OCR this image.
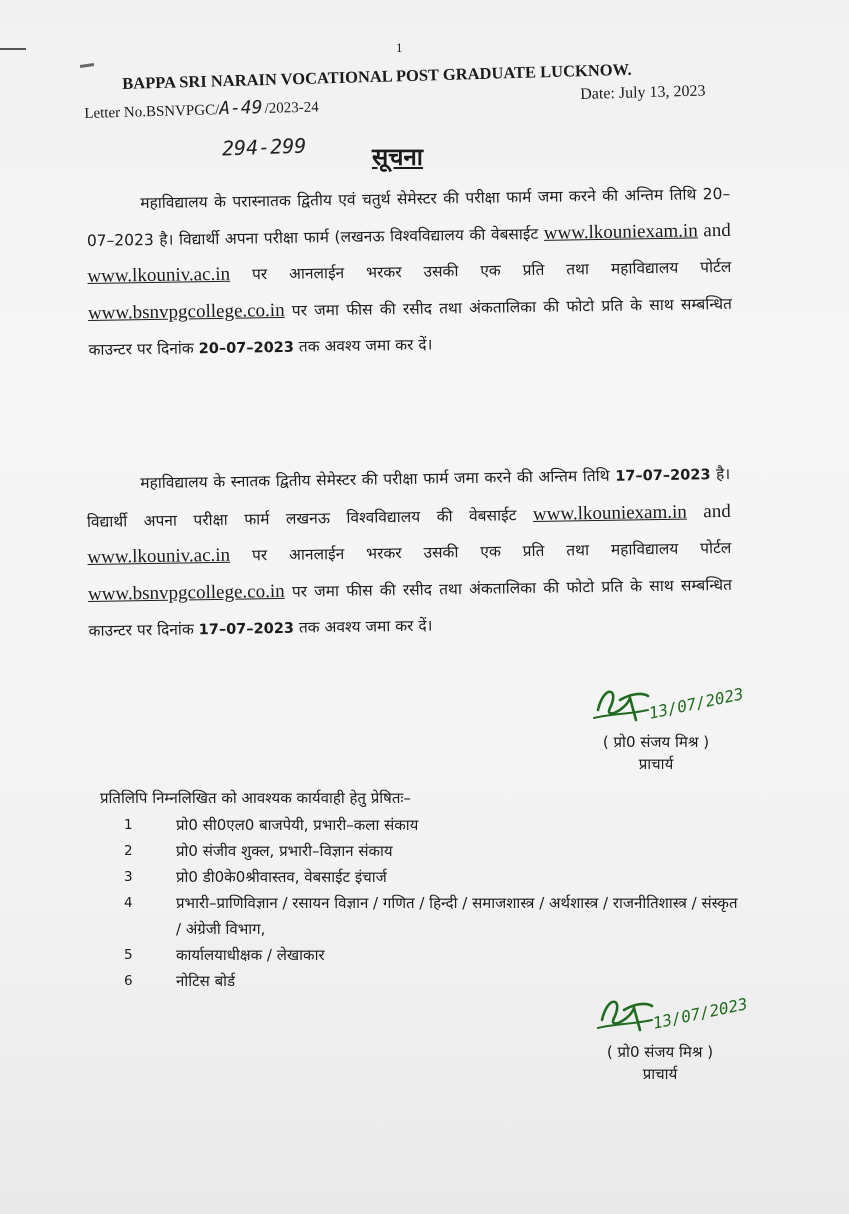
1
BAPPA SRI NARAIN VOCATIONAL POST GRADUATE LUCKNOW.
Letter No.BSNVPGC/A-49 /2023-24
Date: July 13, 2023
294-299	सूचना
महाविद्यालय के परास्नातक द्वितीय एवं चतुर्थ सेमेस्टर की परीक्षा फार्म जमा करने की अन्तिम तिथि 20–07–2023 है। विद्यार्थी अपना परीक्षा फार्म (लखनऊ विश्वविद्यालय की वेबसाईट www.lkouniexam.in and www.lkouniv.ac.in पर आनलाईन भरकर उसकी एक प्रति तथा महाविद्यालय पोर्टल www.bsnvpgcollege.co.in पर जमा फीस की रसीद तथा अंकतालिका की फोटो प्रति के साथ सम्बन्धित काउन्टर पर दिनांक 20–07–2023 तक अवश्य जमा कर दें।
महाविद्यालय के स्नातक द्वितीय सेमेस्टर की परीक्षा फार्म जमा करने की अन्तिम तिथि 17–07–2023 है। विद्यार्थी अपना परीक्षा फार्म लखनऊ विश्वविद्यालय की वेबसाईट www.lkouniexam.in and www.lkouniv.ac.in पर आनलाईन भरकर उसकी एक प्रति तथा महाविद्यालय पोर्टल www.bsnvpgcollege.co.in पर जमा फीस की रसीद तथा अंकतालिका की फोटो प्रति के साथ सम्बन्धित काउन्टर पर दिनांक 17–07–2023 तक अवश्य जमा कर दें।
13/07/2023
( प्रो0 संजय मिश्र )
प्राचार्य
प्रतिलिपि निम्नलिखित को आवश्यक कार्यवाही हेतु प्रेषितः–
1	प्रो0 सी0एल0 बाजपेयी, प्रभारी–कला संकाय
2	प्रो0 संजीव शुक्ल, प्रभारी–विज्ञान संकाय
3	प्रो0 डी0के0श्रीवास्तव, वेबसाईट इंचार्ज
4	प्रभारी–प्राणिविज्ञान / रसायन विज्ञान / गणित / हिन्दी / समाजशास्त्र / अर्थशास्त्र / राजनीतिशास्त्र / संस्कृत / अंग्रेजी विभाग,
5	कार्यालयाधीक्षक / लेखाकार
6	नोटिस बोर्ड
13/07/2023
( प्रो0 संजय मिश्र )
प्राचार्य
